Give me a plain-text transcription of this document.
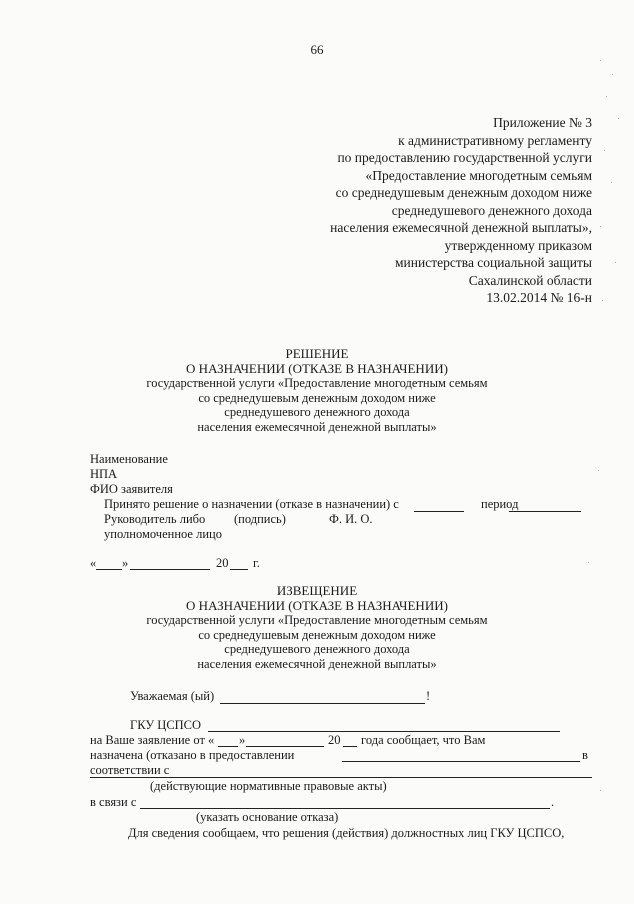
66
Приложение № 3
к административному регламенту
по предоставлению государственной услуги
«Предоставление многодетным семьям
со среднедушевым денежным доходом ниже
среднедушевого денежного дохода
населения ежемесячной денежной выплаты»,
утвержденному приказом
министерства социальной защиты
Сахалинской области
13.02.2014 № 16-н
РЕШЕНИЕ
О НАЗНАЧЕНИИ (ОТКАЗЕ В НАЗНАЧЕНИИ)
государственной услуги «Предоставление многодетным семьям
со среднедушевым денежным доходом ниже
среднедушевого денежного дохода
населения ежемесячной денежной выплаты»
Наименование
НПА
ФИО заявителя
Принято решение о назначении (отказе в назначении) с	период
Руководитель либо (подпись)	Ф. И. О.
уполномоченное лицо
« »	20 г.
ИЗВЕЩЕНИЕ
О НАЗНАЧЕНИИ (ОТКАЗЕ В НАЗНАЧЕНИИ)
государственной услуги «Предоставление многодетным семьям
со среднедушевым денежным доходом ниже
среднедушевого денежного дохода
населения ежемесячной денежной выплаты»
Уважаемая (ый)	!
ГКУ ЦСПСО
на Ваше заявление от « »	20 года сообщает, что Вам
назначена (отказано в предоставлении	в
соответствии с
(действующие нормативные правовые акты)
в связи с	.
(указать основание отказа)
Для сведения сообщаем, что решения (действия) должностных лиц ГКУ ЦСПСО,
